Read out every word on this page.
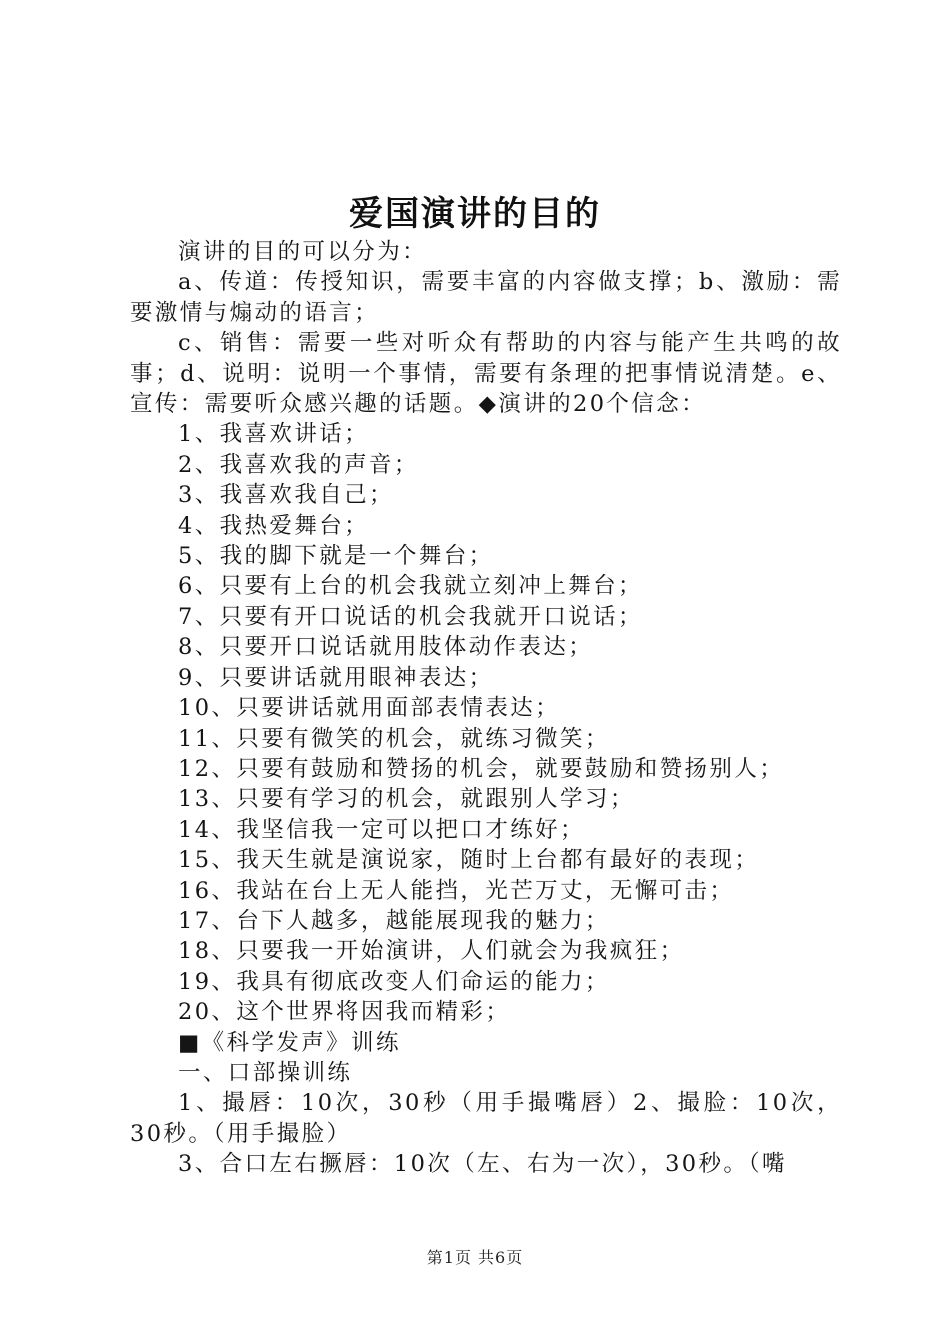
爱国演讲的目的

演讲的目的可以分为：

a、传道：传授知识，需要丰富的内容做支撑；b、激励：需要激情与煽动的语言；

c、销售：需要一些对听众有帮助的内容与能产生共鸣的故事；d、说明：说明一个事情，需要有条理的把事情说清楚。e、宣传：需要听众感兴趣的话题。◆演讲的20个信念：

1、我喜欢讲话；

2、我喜欢我的声音；

3、我喜欢我自己；

4、我热爱舞台；

5、我的脚下就是一个舞台；

6、只要有上台的机会我就立刻冲上舞台；

7、只要有开口说话的机会我就开口说话；

8、只要开口说话就用肢体动作表达；

9、只要讲话就用眼神表达；

10、只要讲话就用面部表情表达；

11、只要有微笑的机会，就练习微笑；

12、只要有鼓励和赞扬的机会，就要鼓励和赞扬别人；

13、只要有学习的机会，就跟别人学习；

14、我坚信我一定可以把口才练好；

15、我天生就是演说家，随时上台都有最好的表现；

16、我站在台上无人能挡，光芒万丈，无懈可击；

17、台下人越多，越能展现我的魅力；

18、只要我一开始演讲，人们就会为我疯狂；

19、我具有彻底改变人们命运的能力；

20、这个世界将因我而精彩；

■《科学发声》训练

一、口部操训练

1、撮唇：10次，30秒（用手撮嘴唇）2、撮脸：10次，30秒。（用手撮脸）

3、合口左右撅唇：10次（左、右为一次），30秒。（嘴

第1页 共6页
